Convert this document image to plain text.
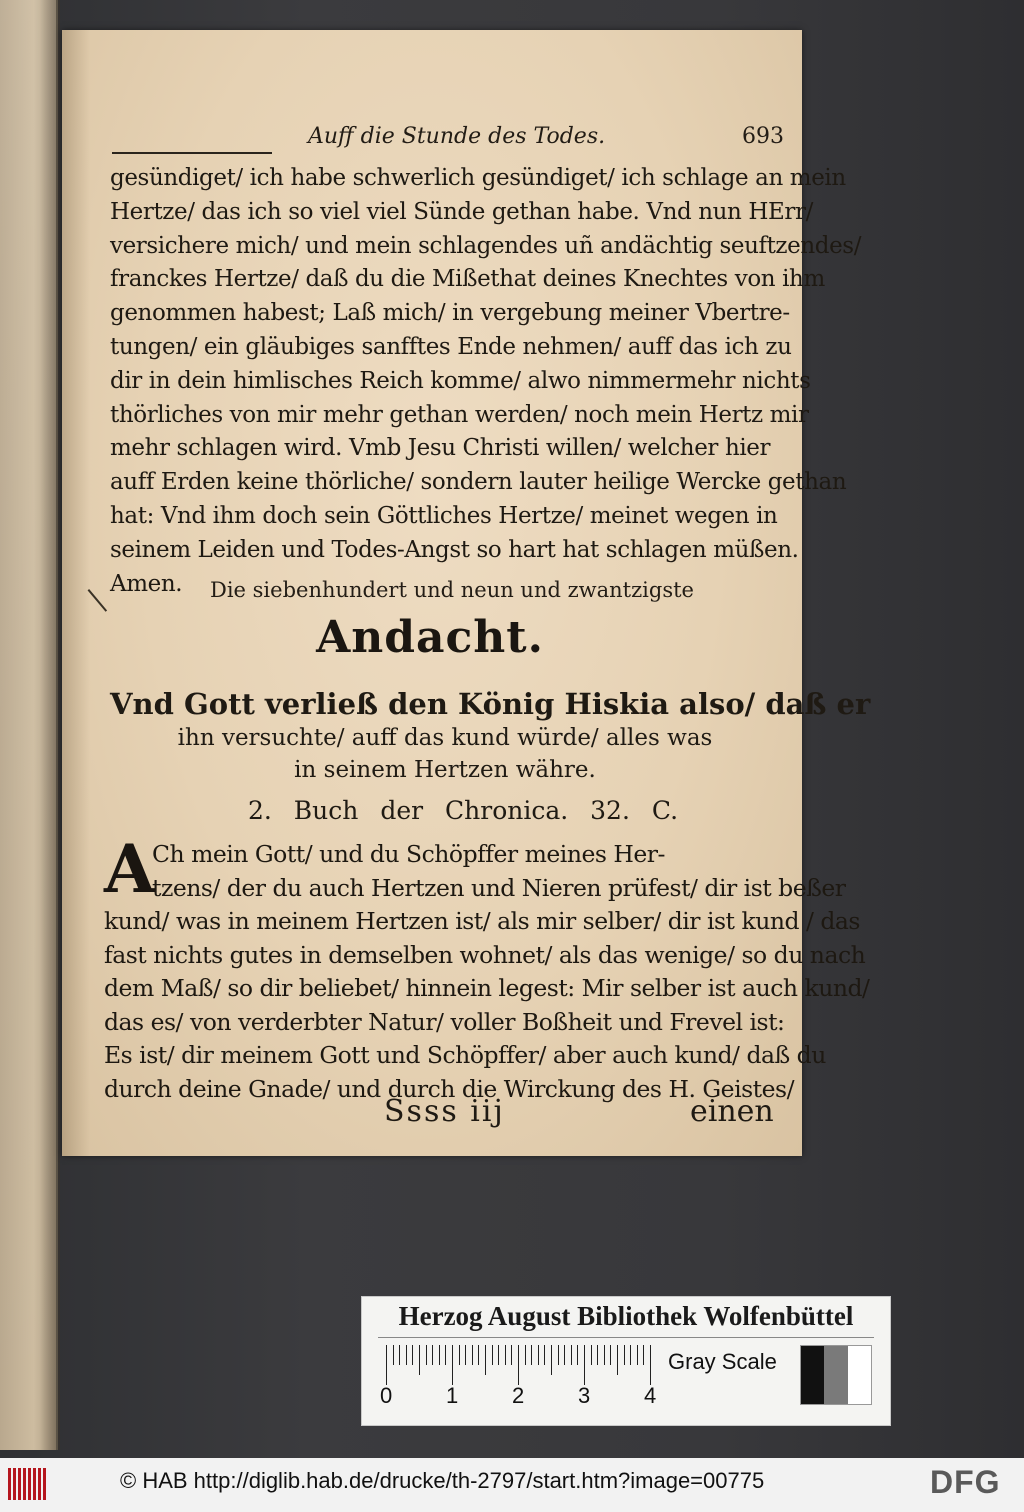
Auff die Stunde des Todes.	693
gesündiget/ ich habe schwerlich gesündiget/ ich schlage an mein
Hertze/ das ich so viel viel Sünde gethan habe. Vnd nun HErr/
versichere mich/ und mein schlagendes uñ andächtig seuftzendes/
franckes Hertze/ daß du die Mißethat deines Knechtes von ihm
genommen habest; Laß mich/ in vergebung meiner Vbertre-
tungen/ ein gläubiges sanfftes Ende nehmen/ auff das ich zu
dir in dein himlisches Reich komme/ alwo nimmermehr nichts
thörliches von mir mehr gethan werden/ noch mein Hertz mir
mehr schlagen wird. Vmb Jesu Christi willen/ welcher hier
auff Erden keine thörliche/ sondern lauter heilige Wercke gethan
hat: Vnd ihm doch sein Göttliches Hertze/ meinet wegen in
seinem Leiden und Todes-Angst so hart hat schlagen müßen.
Amen.	Die siebenhundert und neun und zwantzigste
Andacht.
Vnd Gott verließ den König Hiskia also/ daß er
ihn versuchte/ auff das kund würde/ alles was
in seinem Hertzen währe.
2. Buch der Chronica. 32. C.
A
Ch mein Gott/ und du Schöpffer meines Her-
tzens/ der du auch Hertzen und Nieren prüfest/ dir ist beßer
kund/ was in meinem Hertzen ist/ als mir selber/ dir ist kund / das
fast nichts gutes in demselben wohnet/ als das wenige/ so du nach
dem Maß/ so dir beliebet/ hinnein legest: Mir selber ist auch kund/
das es/ von verderbter Natur/ voller Boßheit und Frevel ist:
Es ist/ dir meinem Gott und Schöpffer/ aber auch kund/ daß du
durch deine Gnade/ und durch die Wirckung des H. Geistes/
Ssss iij	einen
Herzog August Bibliothek Wolfenbüttel
0 1 2 3 4
Gray Scale
© HAB http://diglib.hab.de/drucke/th-2797/start.htm?image=00775	DFG
